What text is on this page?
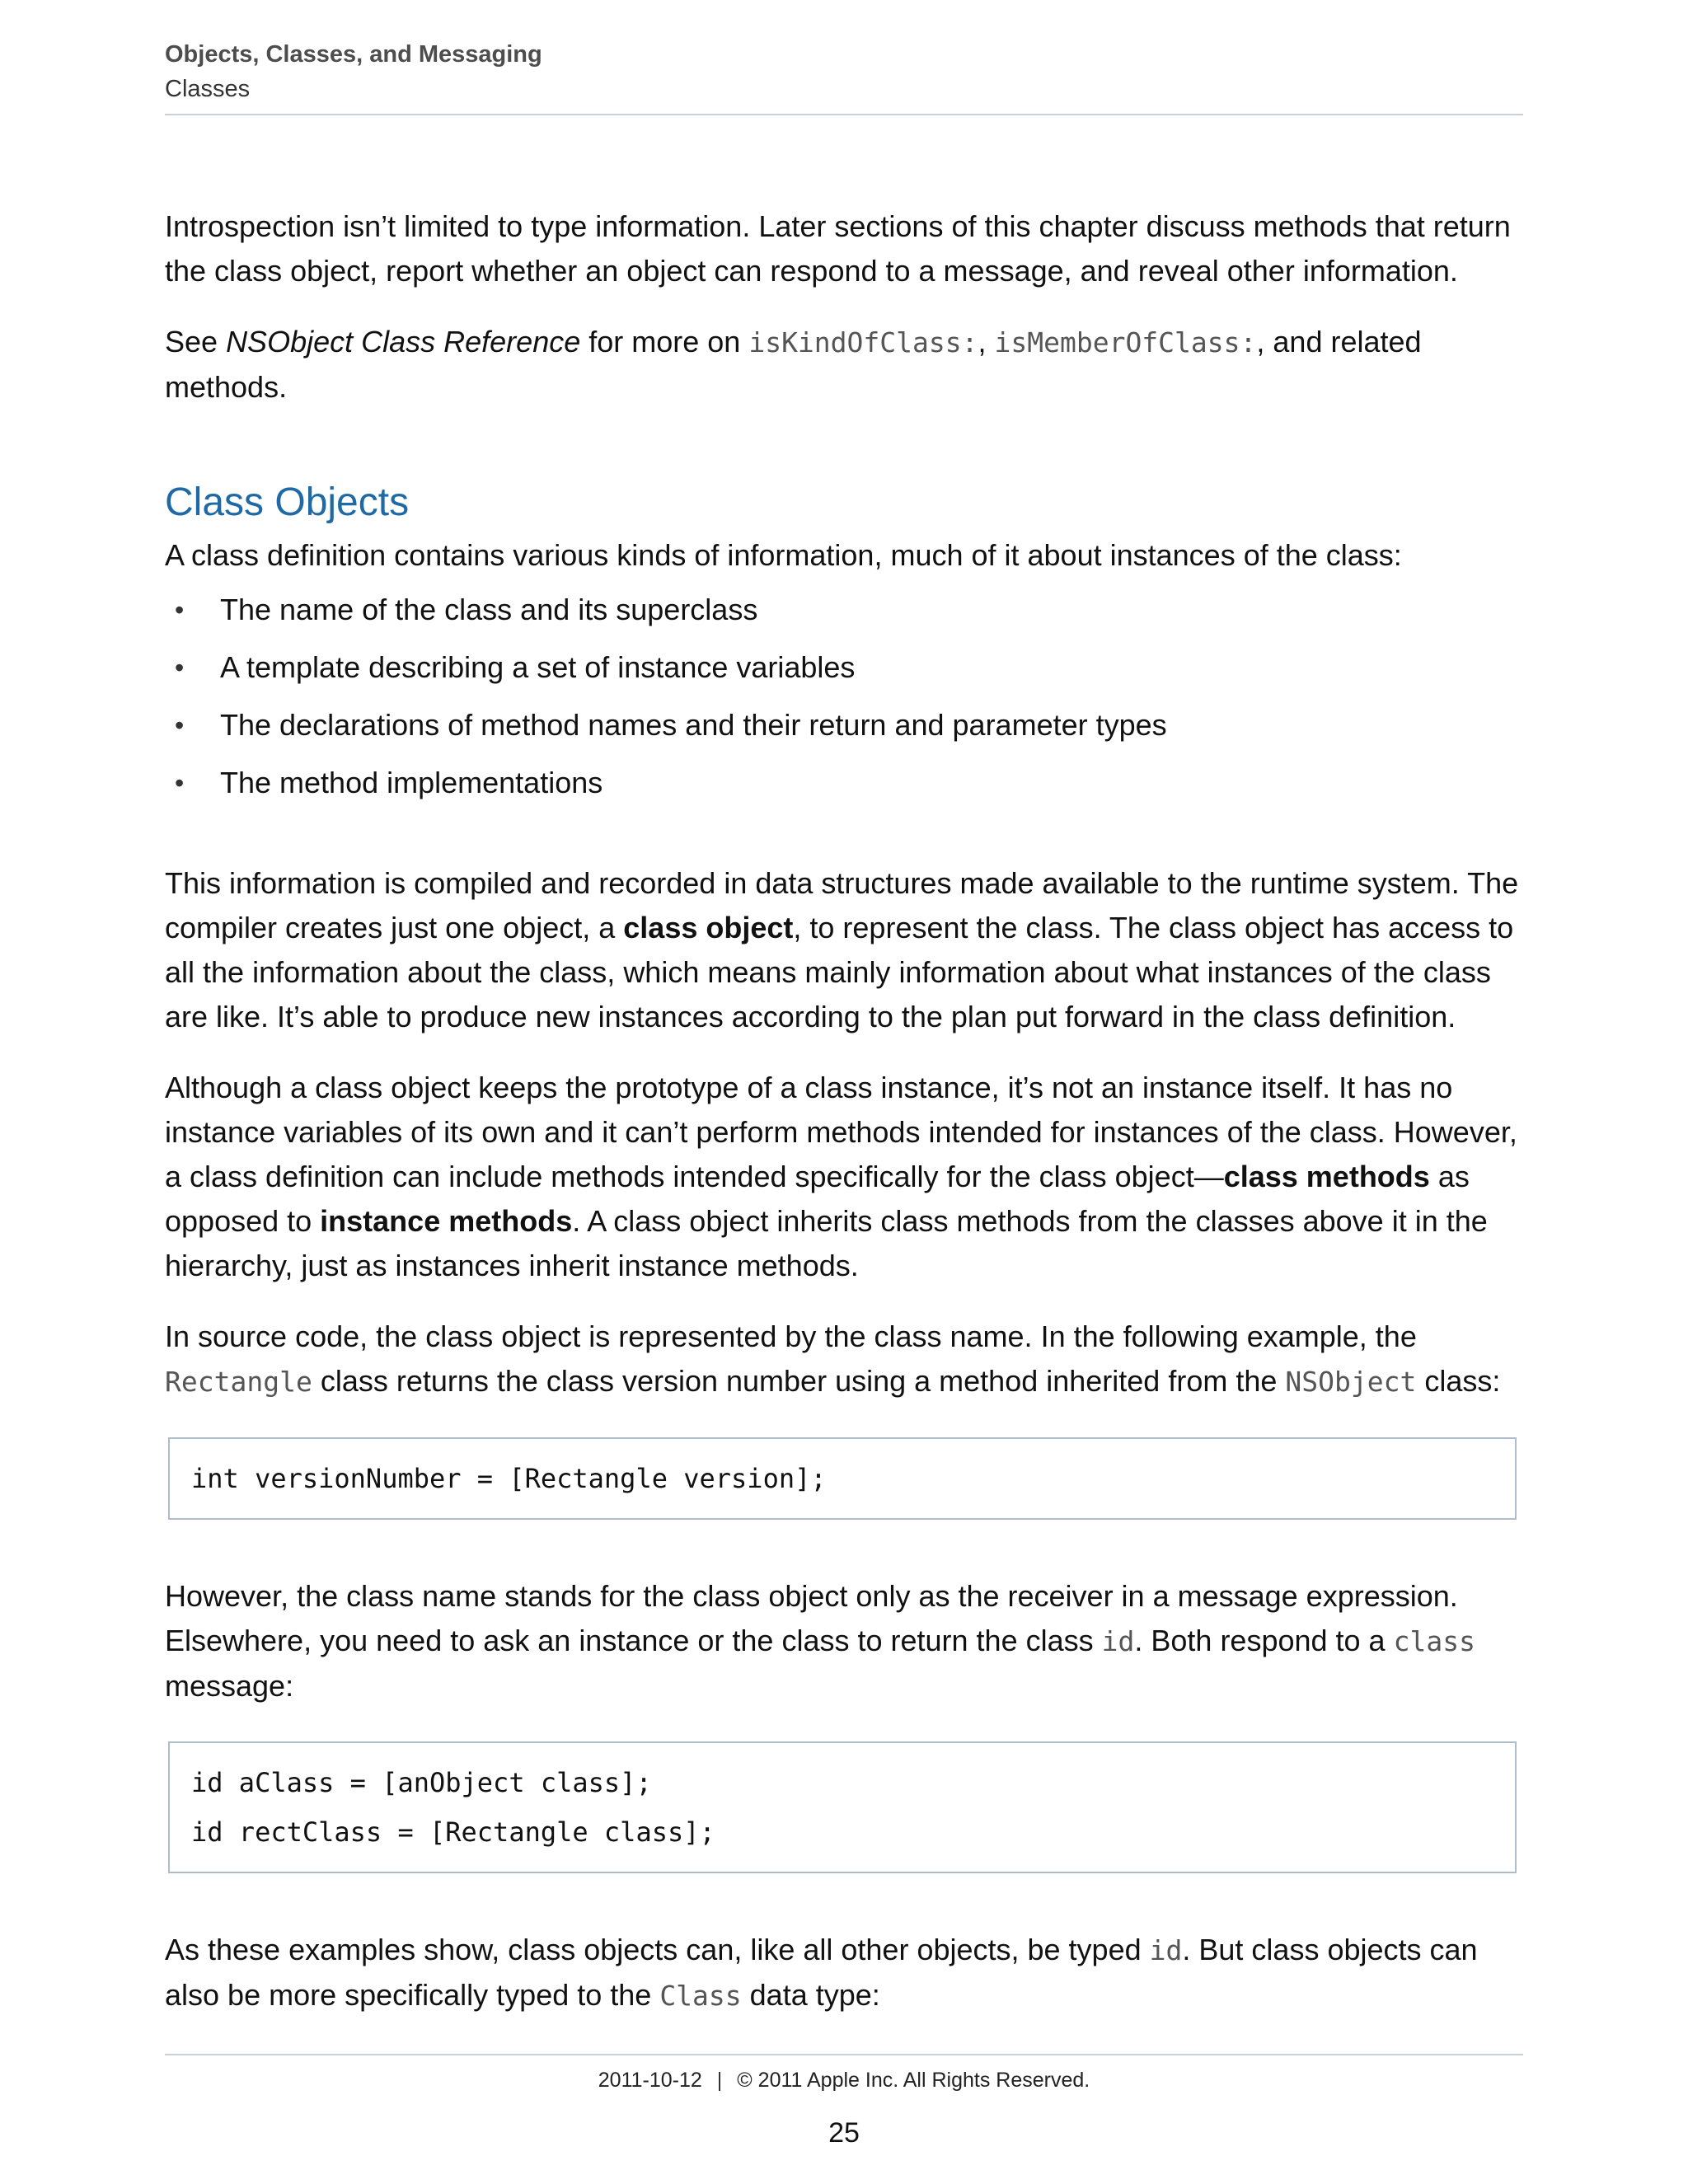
Objects, Classes, and Messaging
Classes

Introspection isn’t limited to type information. Later sections of this chapter discuss methods that return the class object, report whether an object can respond to a message, and reveal other information.

See NSObject Class Reference for more on isKindOfClass:, isMemberOfClass:, and related methods.

Class Objects

A class definition contains various kinds of information, much of it about instances of the class:

• The name of the class and its superclass
• A template describing a set of instance variables
• The declarations of method names and their return and parameter types
• The method implementations

This information is compiled and recorded in data structures made available to the runtime system. The compiler creates just one object, a class object, to represent the class. The class object has access to all the information about the class, which means mainly information about what instances of the class are like. It’s able to produce new instances according to the plan put forward in the class definition.

Although a class object keeps the prototype of a class instance, it’s not an instance itself. It has no instance variables of its own and it can’t perform methods intended for instances of the class. However, a class definition can include methods intended specifically for the class object—class methods as opposed to instance methods. A class object inherits class methods from the classes above it in the hierarchy, just as instances inherit instance methods.

In source code, the class object is represented by the class name. In the following example, the Rectangle class returns the class version number using a method inherited from the NSObject class:

int versionNumber = [Rectangle version];

However, the class name stands for the class object only as the receiver in a message expression. Elsewhere, you need to ask an instance or the class to return the class id. Both respond to a class message:

id aClass = [anObject class];
id rectClass = [Rectangle class];

As these examples show, class objects can, like all other objects, be typed id. But class objects can also be more specifically typed to the Class data type:

2011-10-12 | © 2011 Apple Inc. All Rights Reserved.
25
